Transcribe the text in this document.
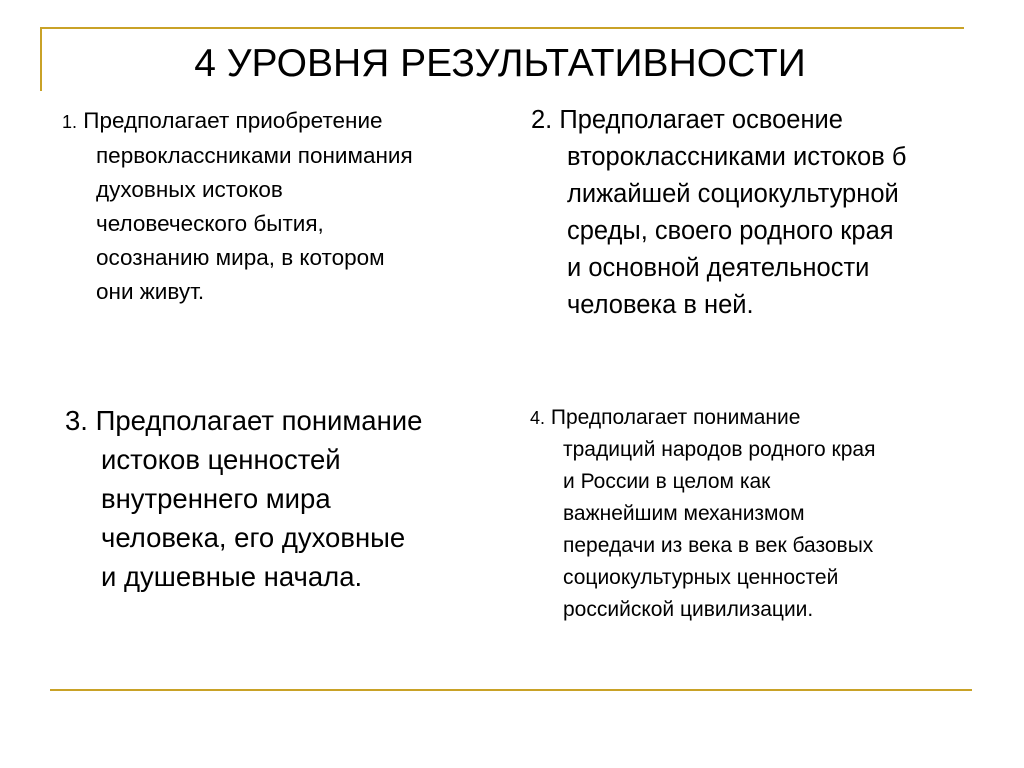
4 УРОВНЯ РЕЗУЛЬТАТИВНОСТИ
1. Предполагает приобретение
первоклассниками понимания
духовных истоков
человеческого бытия,
осознанию мира, в котором
они живут.
2. Предполагает освоение
второклассниками истоков б
лижайшей социокультурной
среды, своего родного края
и основной деятельности
человека в ней.
3. Предполагает понимание
истоков ценностей
внутреннего мира
человека, его духовные
и душевные начала.
4. Предполагает понимание
традиций народов родного края
и России в целом как
важнейшим механизмом
передачи из века в век базовых
социокультурных ценностей
российской цивилизации.
